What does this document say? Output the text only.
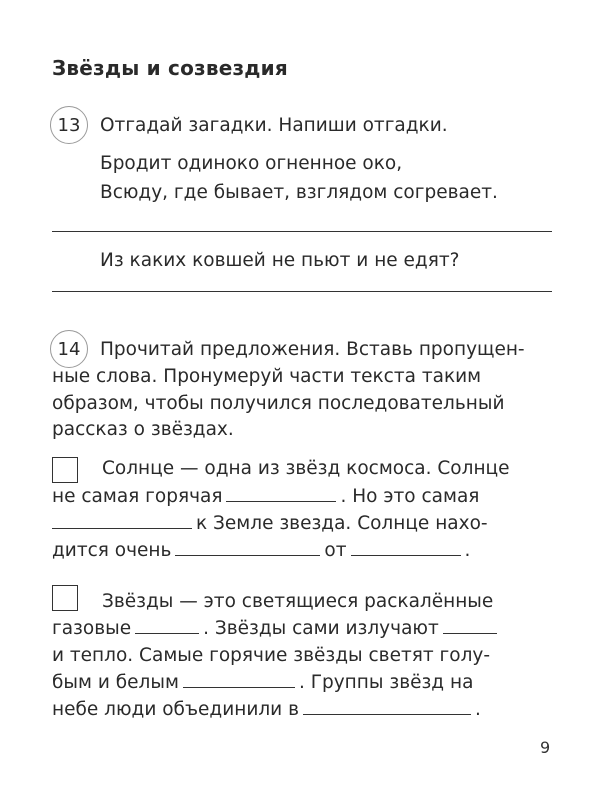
Звёзды и созвездия
13	Отгадай загадки. Напиши отгадки.
Бродит одиноко огненное око,
Всюду, где бывает, взглядом согревает.
Из каких ковшей не пьют и не едят?
14	Прочитай предложения. Вставь пропущен-
ные слова. Пронумеруй части текста таким
образом, чтобы получился последовательный
рассказ о звёздах.
Солнце — одна из звёзд космоса. Солнце
не самая горячая	. Но это самая
к Земле звезда. Солнце нахо-
дится очень	от	.
Звёзды — это светящиеся раскалённые
газовые	. Звёзды сами излучают
и тепло. Самые горячие звёзды светят голу-
бым и белым	. Группы звёзд на
небе люди объединили в	.
9
